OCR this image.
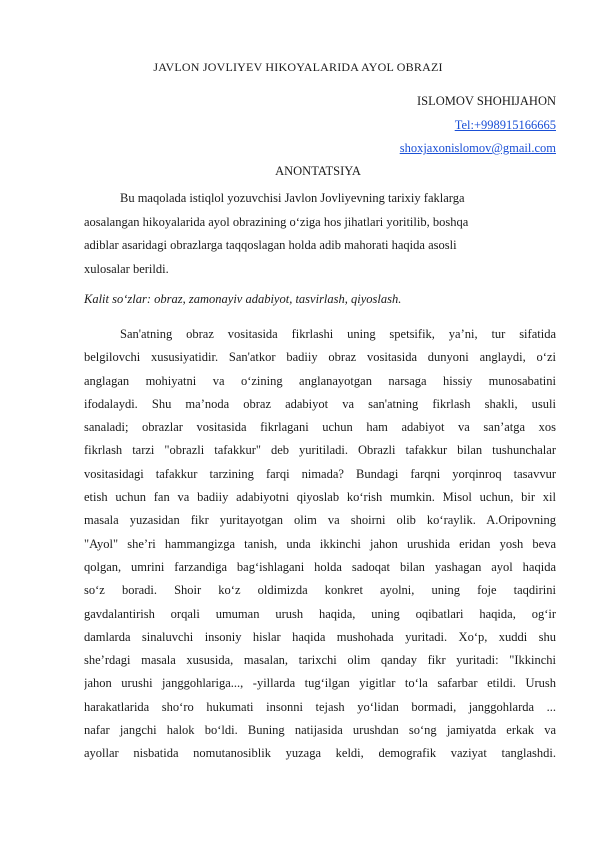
JAVLON JOVLIYEV HIKOYALARIDA AYOL OBRAZI
ISLOMOV SHOHIJAHON
Tel:+998915166665
shoxjaxonislomov@gmail.com
ANONTATSIYA
Bu maqolada istiqlol yozuvchisi Javlon Jovliyevning tarixiy faklarga
aosalangan hikoyalarida ayol obrazining o‘ziga hos jihatlari yoritilib, boshqa
adiblar asaridagi obrazlarga taqqoslagan holda adib mahorati haqida asosli
xulosalar berildi.
Kalit so‘zlar: obraz, zamonayiv adabiyot, tasvirlash, qiyoslash.
San'atning obraz vositasida fikrlashi uning spetsifik, ya’ni, tur sifatida
belgilovchi xususiyatidir. San'atkor badiiy obraz vositasida dunyoni anglaydi, o‘zi
anglagan mohiyatni va o‘zining anglanayotgan narsaga hissiy munosabatini
ifodalaydi. Shu ma’noda obraz adabiyot va san'atning fikrlash shakli, usuli
sanaladi; obrazlar vositasida fikrlagani uchun ham adabiyot va san’atga xos
fikrlash tarzi "obrazli tafakkur" deb yuritiladi. Obrazli tafakkur bilan tushunchalar
vositasidagi tafakkur tarzining farqi nimada? Bundagi farqni yorqinroq tasavvur
etish uchun fan va badiiy adabiyotni qiyoslab ko‘rish mumkin. Misol uchun, bir xil
masala yuzasidan fikr yuritayotgan olim va shoirni olib ko‘raylik. A.Oripovning
"Ayol" she’ri hammangizga tanish, unda ikkinchi jahon urushida eridan yosh beva
qolgan, umrini farzandiga bag‘ishlagani holda sadoqat bilan yashagan ayol haqida
so‘z boradi. Shoir ko‘z oldimizda konkret ayolni, uning foje taqdirini
gavdalantirish orqali umuman urush haqida, uning oqibatlari haqida, og‘ir
damlarda sinaluvchi insoniy hislar haqida mushohada yuritadi. Xo‘p, xuddi shu
she’rdagi masala xususida, masalan, tarixchi olim qanday fikr yuritadi: "Ikkinchi
jahon urushi janggohlariga..., -yillarda tug‘ilgan yigitlar to‘la safarbar etildi. Urush
harakatlarida sho‘ro hukumati insonni tejash yo‘lidan bormadi, janggohlarda ...
nafar jangchi halok bo‘ldi. Buning natijasida urushdan so‘ng jamiyatda erkak va
ayollar nisbatida nomutanosiblik yuzaga keldi, demografik vaziyat tanglashdi.
